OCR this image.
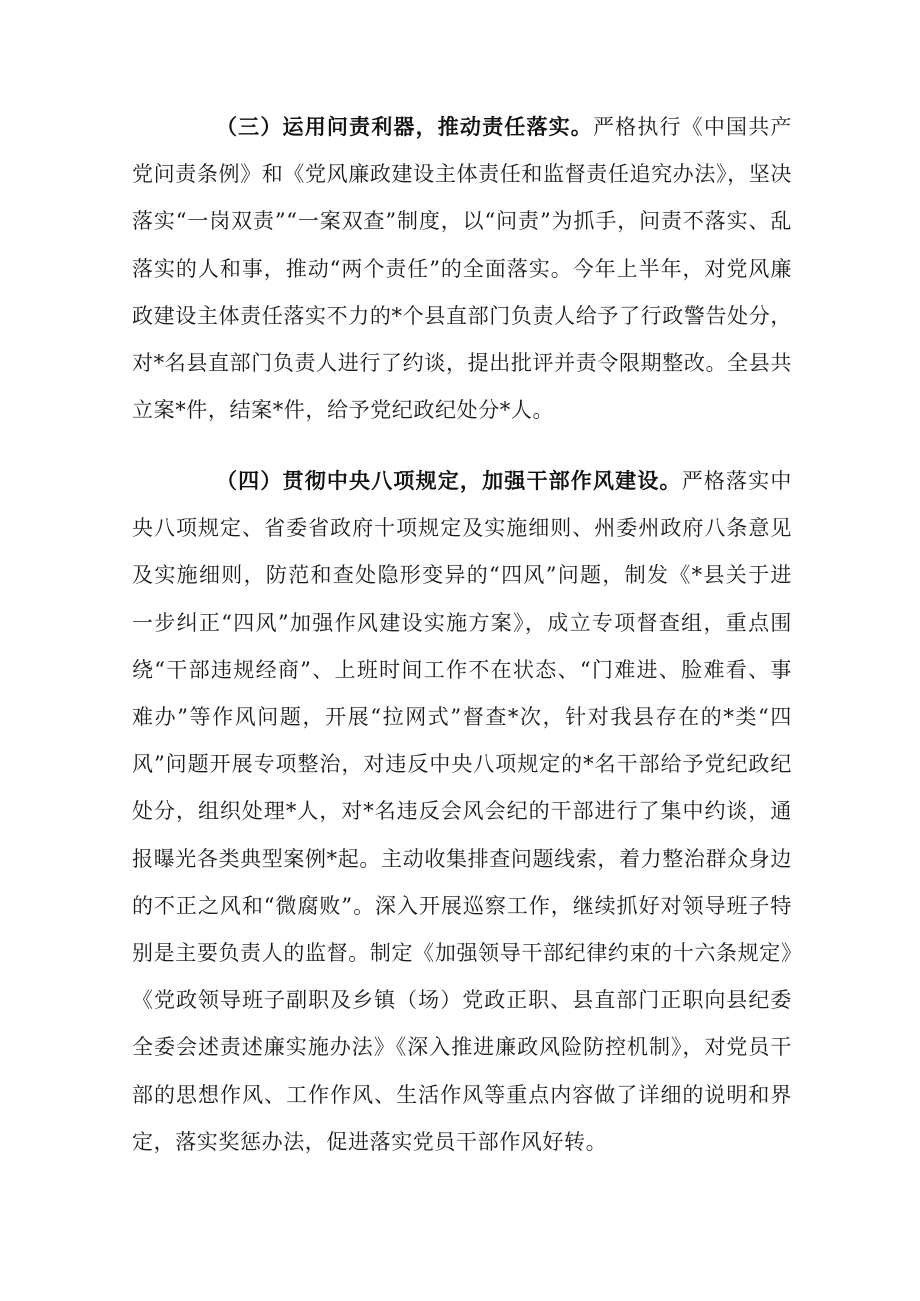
（三）运用问责利器，推动责任落实。严格执行《中国共产党问责条例》和《党风廉政建设主体责任和监督责任追究办法》，坚决落实“一岗双责”“一案双查”制度，以“问责”为抓手，问责不落实、乱落实的人和事，推动“两个责任”的全面落实。今年上半年，对党风廉政建设主体责任落实不力的*个县直部门负责人给予了行政警告处分，对*名县直部门负责人进行了约谈，提出批评并责令限期整改。全县共立案*件，结案*件，给予党纪政纪处分*人。

（四）贯彻中央八项规定，加强干部作风建设。严格落实中央八项规定、省委省政府十项规定及实施细则、州委州政府八条意见及实施细则，防范和查处隐形变异的“四风”问题，制发《*县关于进一步纠正“四风”加强作风建设实施方案》，成立专项督查组，重点围绕“干部违规经商”、上班时间工作不在状态、“门难进、脸难看、事难办”等作风问题，开展“拉网式”督查*次，针对我县存在的*类“四风”问题开展专项整治，对违反中央八项规定的*名干部给予党纪政纪处分，组织处理*人，对*名违反会风会纪的干部进行了集中约谈，通报曝光各类典型案例*起。主动收集排查问题线索，着力整治群众身边的不正之风和“微腐败”。深入开展巡察工作，继续抓好对领导班子特别是主要负责人的监督。制定《加强领导干部纪律约束的十六条规定》《党政领导班子副职及乡镇（场）党政正职、县直部门正职向县纪委全委会述责述廉实施办法》《深入推进廉政风险防控机制》，对党员干部的思想作风、工作作风、生活作风等重点内容做了详细的说明和界定，落实奖惩办法，促进落实党员干部作风好转。
